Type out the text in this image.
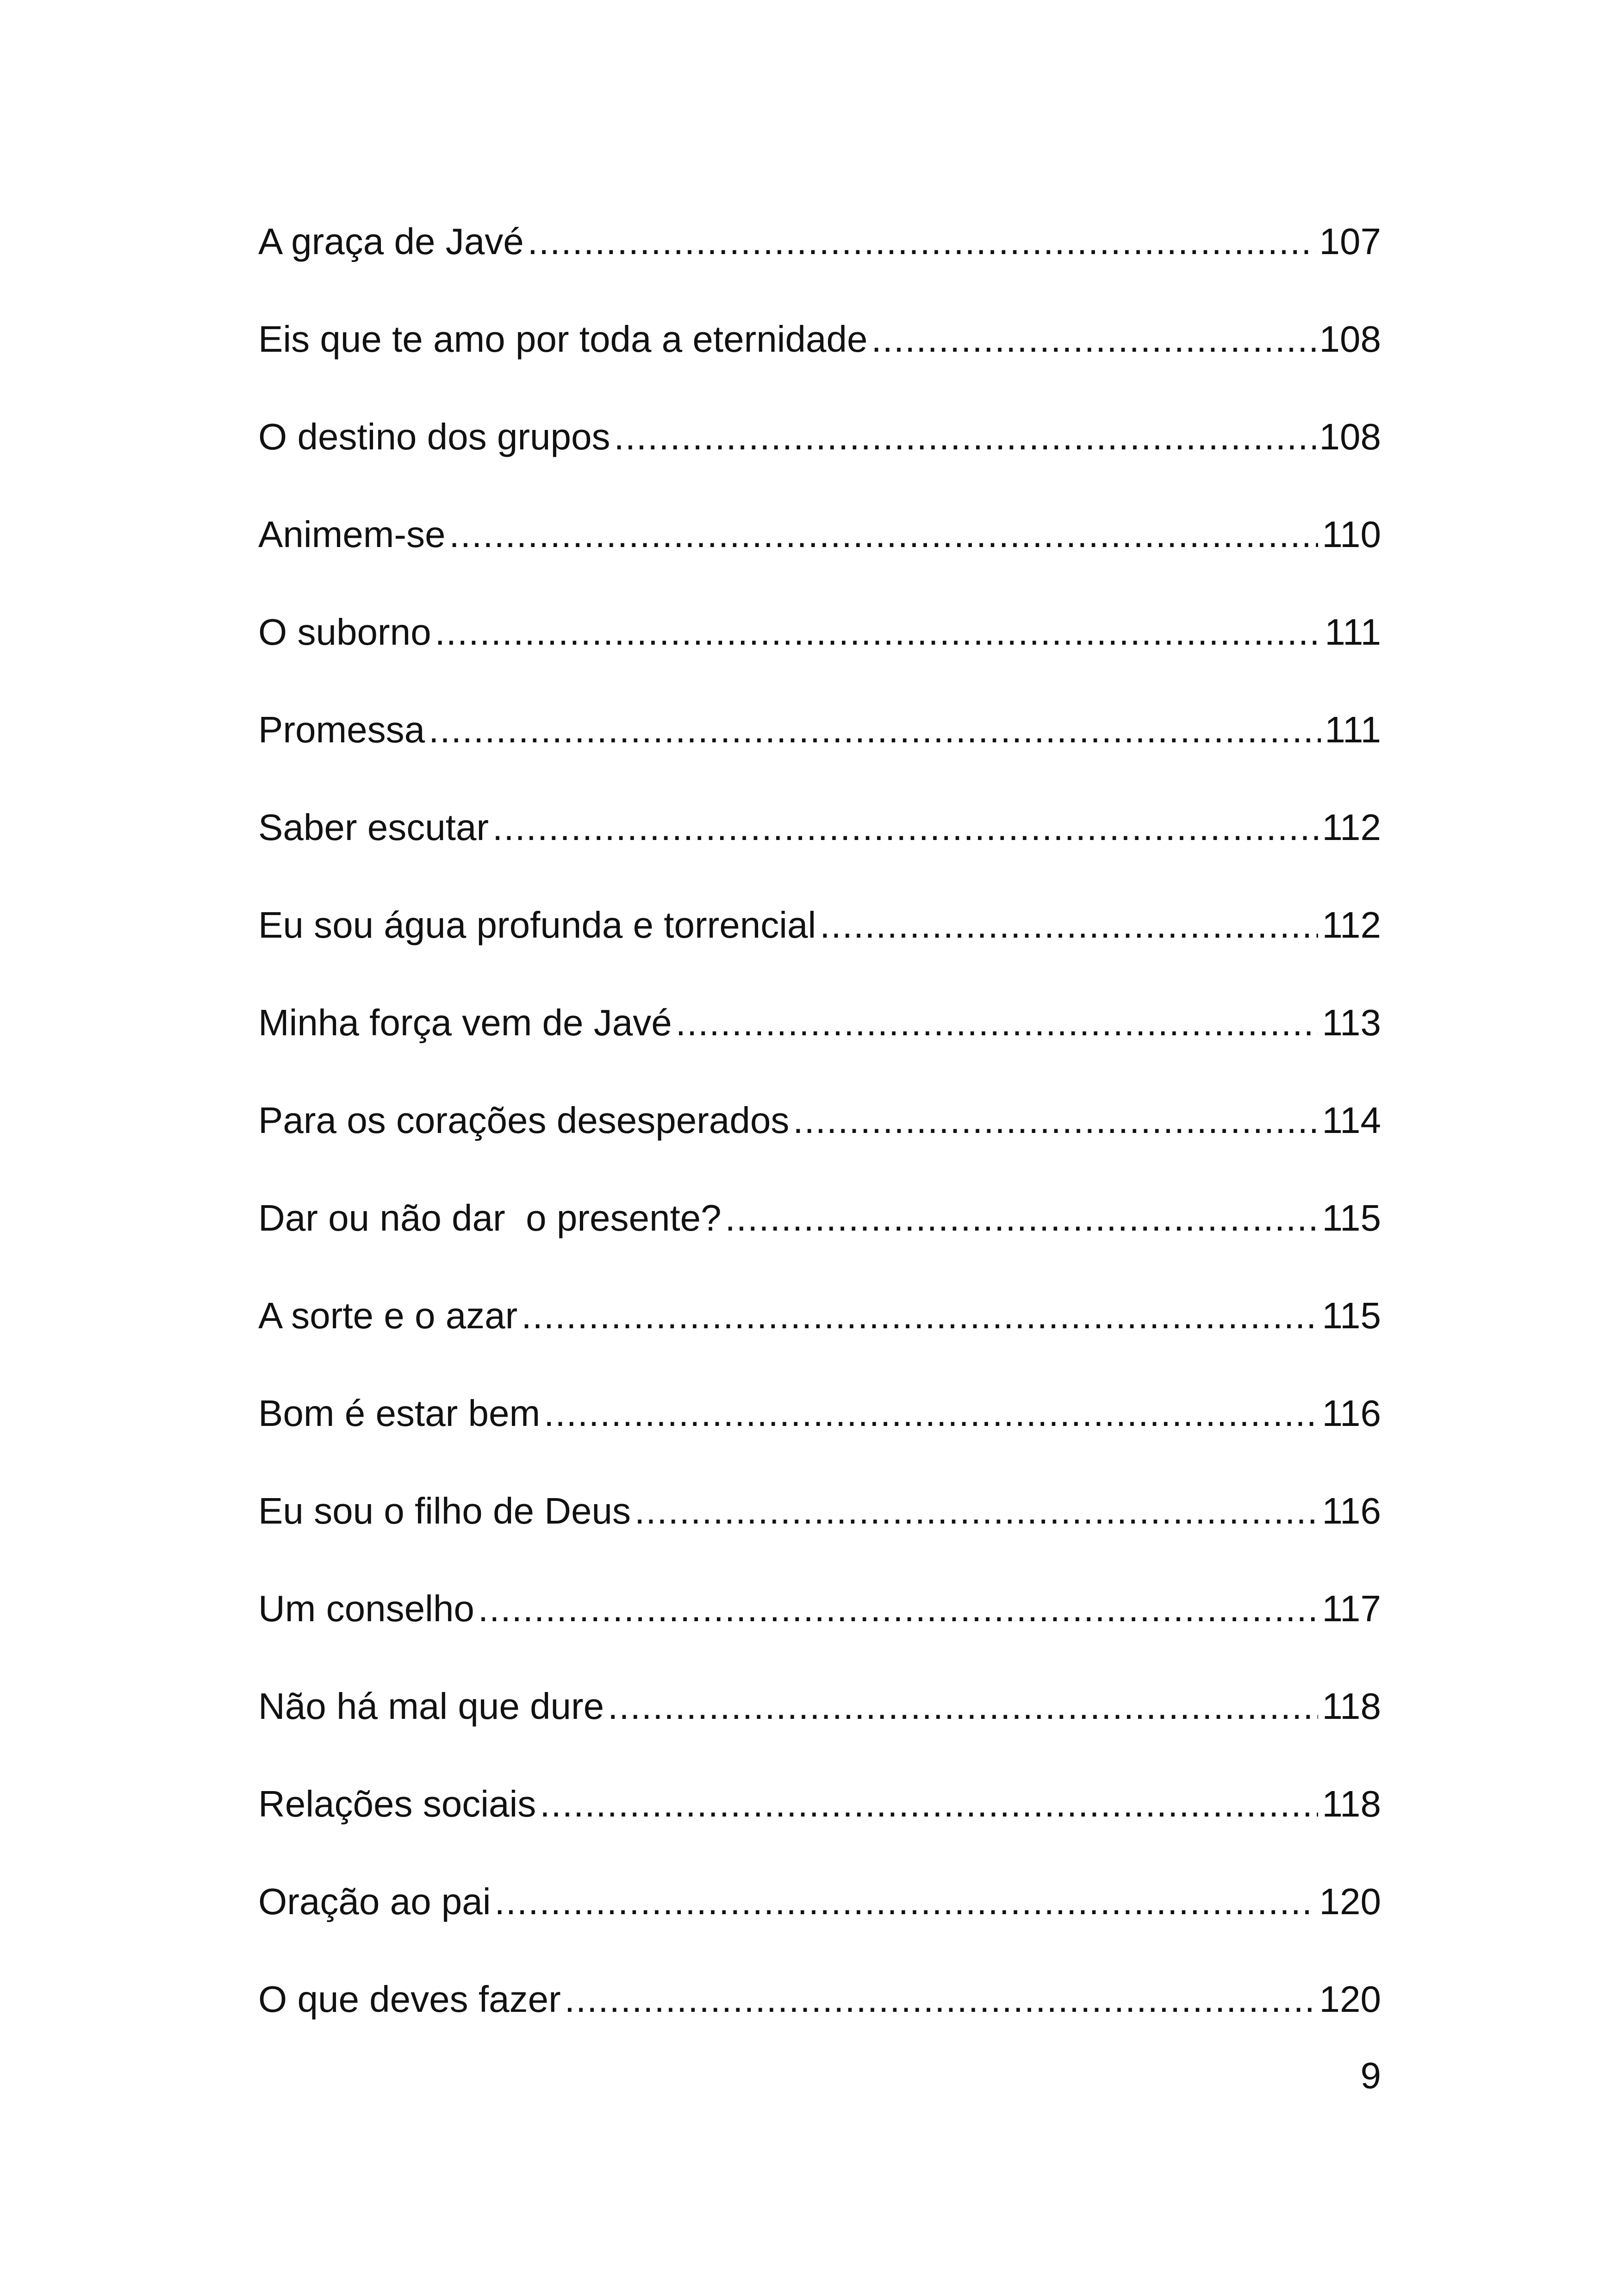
A graça de Javé .....	107
Eis que te amo por toda a eternidade .....	108
O destino dos grupos .....	108
Animem-se .....	110
O suborno .....	111
Promessa .....	111
Saber escutar .....	112
Eu sou água profunda e torrencial .....	112
Minha força vem de Javé .....	113
Para os corações desesperados .....	114
Dar ou não dar  o presente? .....	115
A sorte e o azar .....	115
Bom é estar bem .....	116
Eu sou o filho de Deus .....	116
Um conselho .....	117
Não há mal que dure .....	118
Relações sociais .....	118
Oração ao pai .....	120
O que deves fazer .....	120
9
